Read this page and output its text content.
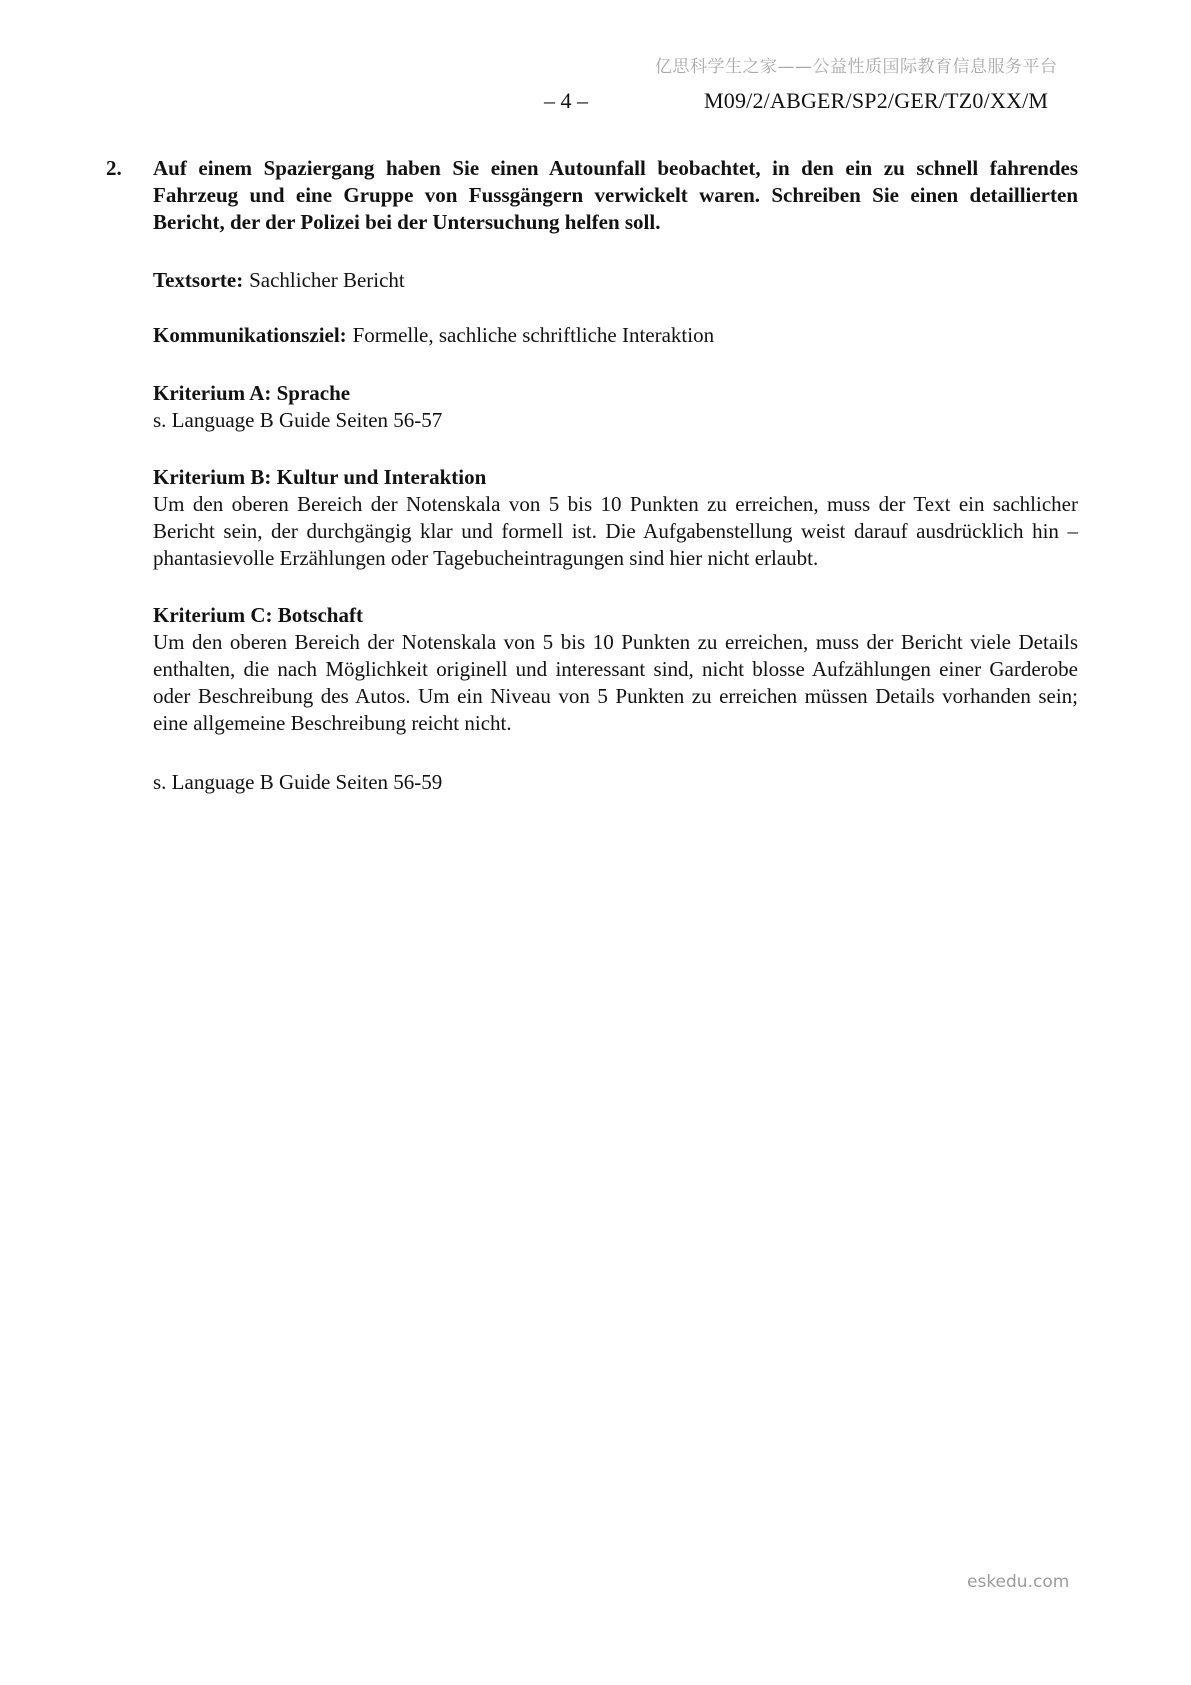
亿思科学生之家——公益性质国际教育信息服务平台
– 4 –	M09/2/ABGER/SP2/GER/TZ0/XX/M
2.	Auf einem Spaziergang haben Sie einen Autounfall beobachtet, in den ein zu schnell fahrendes Fahrzeug und eine Gruppe von Fussgängern verwickelt waren. Schreiben Sie einen detaillierten Bericht, der der Polizei bei der Untersuchung helfen soll.
Textsorte: Sachlicher Bericht
Kommunikationsziel: Formelle, sachliche schriftliche Interaktion
Kriterium A: Sprache
s. Language B Guide Seiten 56-57
Kriterium B: Kultur und Interaktion
Um den oberen Bereich der Notenskala von 5 bis 10 Punkten zu erreichen, muss der Text ein sachlicher Bericht sein, der durchgängig klar und formell ist. Die Aufgabenstellung weist darauf ausdrücklich hin – phantasievolle Erzählungen oder Tagebucheintragungen sind hier nicht erlaubt.
Kriterium C: Botschaft
Um den oberen Bereich der Notenskala von 5 bis 10 Punkten zu erreichen, muss der Bericht viele Details enthalten, die nach Möglichkeit originell und interessant sind, nicht blosse Aufzählungen einer Garderobe oder Beschreibung des Autos. Um ein Niveau von 5 Punkten zu erreichen müssen Details vorhanden sein; eine allgemeine Beschreibung reicht nicht.
s. Language B Guide Seiten 56-59
eskedu.com
